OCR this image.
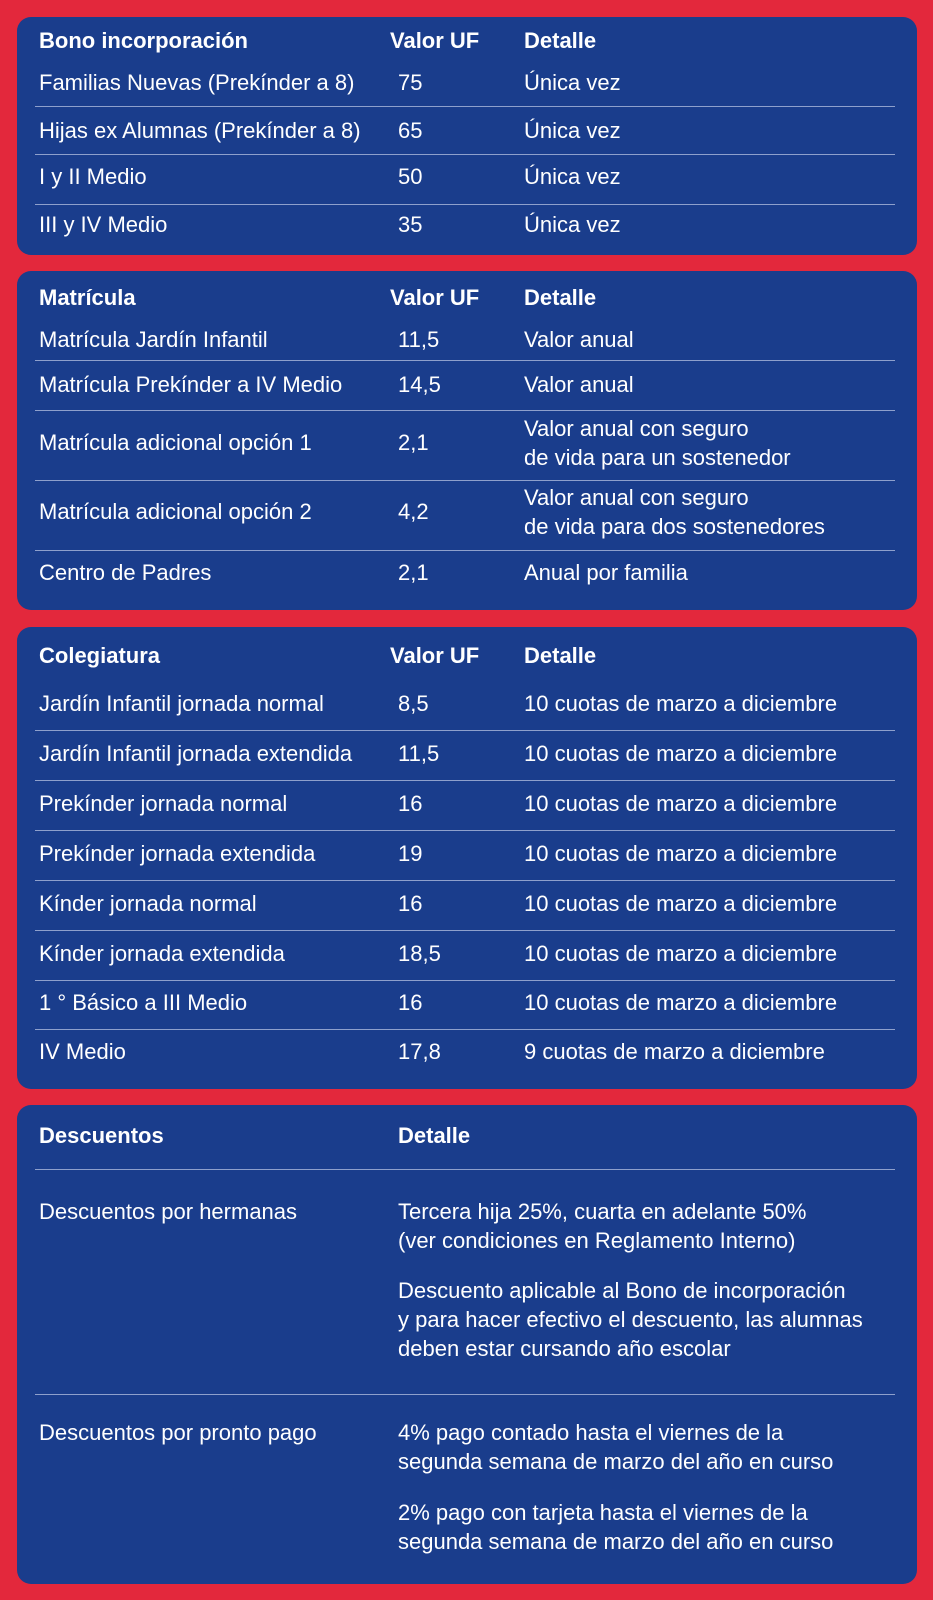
Bono incorporación	Valor UF Detalle
Familias Nuevas (Prekínder a 8) 75	Única vez
Hijas ex Alumnas (Prekínder a 8) 65	Única vez
I y II Medio	50	Única vez
III y IV Medio	35	Única vez
Matrícula	Valor UF Detalle
Matrícula Jardín Infantil	11,5	Valor anual
Matrícula Prekínder a IV Medio	14,5	Valor anual
Matrícula adicional opción 1	2,1
Valor anual con seguro
de vida para un sostenedor
Matrícula adicional opción 2	4,2
Valor anual con seguro
de vida para dos sostenedores
Centro de Padres	2,1	Anual por familia
Colegiatura	Valor UF Detalle
Jardín Infantil jornada normal	8,5	10 cuotas de marzo a diciembre
Jardín Infantil jornada extendida 11,5	10 cuotas de marzo a diciembre
Prekínder jornada normal	16	10 cuotas de marzo a diciembre
Prekínder jornada extendida	19	10 cuotas de marzo a diciembre
Kínder jornada normal	16	10 cuotas de marzo a diciembre
Kínder jornada extendida	18,5	10 cuotas de marzo a diciembre
1 ° Básico a III Medio	16	10 cuotas de marzo a diciembre
IV Medio	17,8	9 cuotas de marzo a diciembre
Descuentos	Detalle
Descuentos por hermanas	Tercera hija 25%, cuarta en adelante 50%
(ver condiciones en Reglamento Interno)
Descuento aplicable al Bono de incorporación
y para hacer efectivo el descuento, las alumnas
deben estar cursando año escolar
Descuentos por pronto pago	4% pago contado hasta el viernes de la
segunda semana de marzo del año en curso
2% pago con tarjeta hasta el viernes de la
segunda semana de marzo del año en curso
